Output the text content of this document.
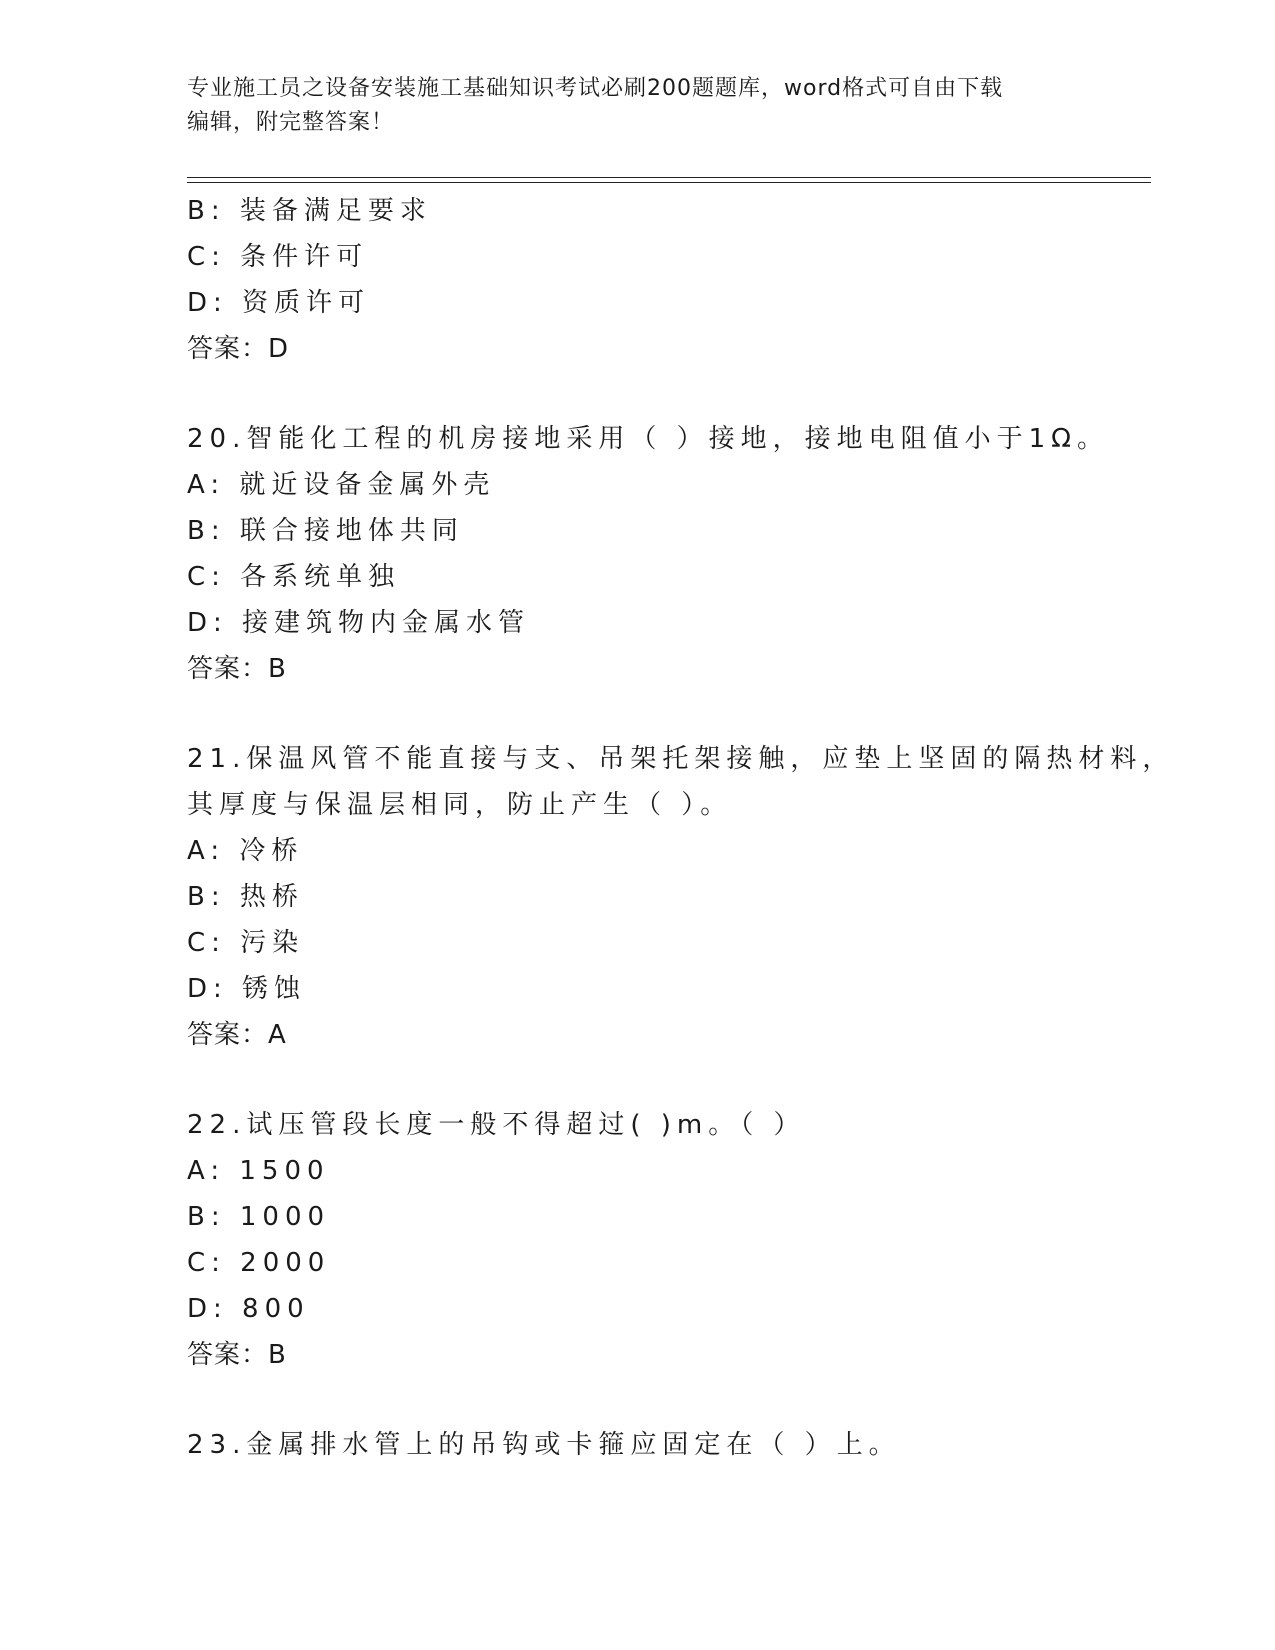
专业施工员之设备安装施工基础知识考试必刷200题题库，word格式可自由下载
编辑，附完整答案！
B: 装备满足要求
C: 条件许可
D: 资质许可
答案：D
20.智能化工程的机房接地采用（ ）接地，接地电阻值小于1Ω。
A: 就近设备金属外壳
B: 联合接地体共同
C: 各系统单独
D: 接建筑物内金属水管
答案：B
21.保温风管不能直接与支、吊架托架接触，应垫上坚固的隔热材料，
其厚度与保温层相同，防止产生（ ）。
A: 冷桥
B: 热桥
C: 污染
D: 锈蚀
答案：A
22.试压管段长度一般不得超过( )m。（ ）
A: 1500
B: 1000
C: 2000
D: 800
答案：B
23.金属排水管上的吊钩或卡箍应固定在（ ）上。
